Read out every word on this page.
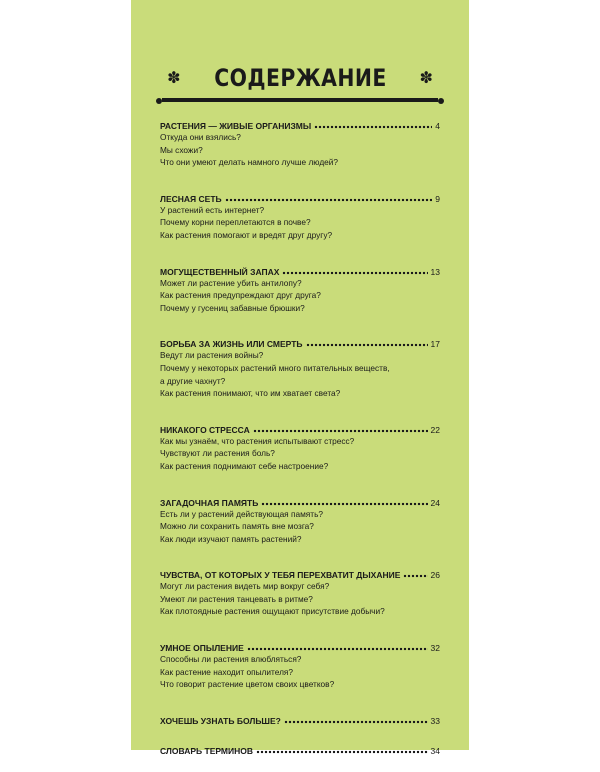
✽ СОДЕРЖАНИЕ ✽
РАСТЕНИЯ — ЖИВЫЕ ОРГАНИЗМЫ	4
Откуда они взялись?
Мы схожи?
Что они умеют делать намного лучше людей?
ЛЕСНАЯ СЕТЬ	9
У растений есть интернет?
Почему корни переплетаются в почве?
Как растения помогают и вредят друг другу?
МОГУЩЕСТВЕННЫЙ ЗАПАХ	13
Может ли растение убить антилопу?
Как растения предупреждают друг друга?
Почему у гусениц забавные брюшки?
БОРЬБА ЗА ЖИЗНЬ ИЛИ СМЕРТЬ	17
Ведут ли растения войны?
Почему у некоторых растений много питательных веществ,
а другие чахнут?
Как растения понимают, что им хватает света?
НИКАКОГО СТРЕССА	22
Как мы узнаём, что растения испытывают стресс?
Чувствуют ли растения боль?
Как растения поднимают себе настроение?
ЗАГАДОЧНАЯ ПАМЯТЬ	24
Есть ли у растений действующая память?
Можно ли сохранить память вне мозга?
Как люди изучают память растений?
ЧУВСТВА, ОТ КОТОРЫХ У ТЕБЯ ПЕРЕХВАТИТ ДЫХАНИЕ	26
Могут ли растения видеть мир вокруг себя?
Умеют ли растения танцевать в ритме?
Как плотоядные растения ощущают присутствие добычи?
УМНОЕ ОПЫЛЕНИЕ	32
Способны ли растения влюбляться?
Как растение находит опылителя?
Что говорит растение цветом своих цветков?
ХОЧЕШЬ УЗНАТЬ БОЛЬШЕ?	33
СЛОВАРЬ ТЕРМИНОВ	34
